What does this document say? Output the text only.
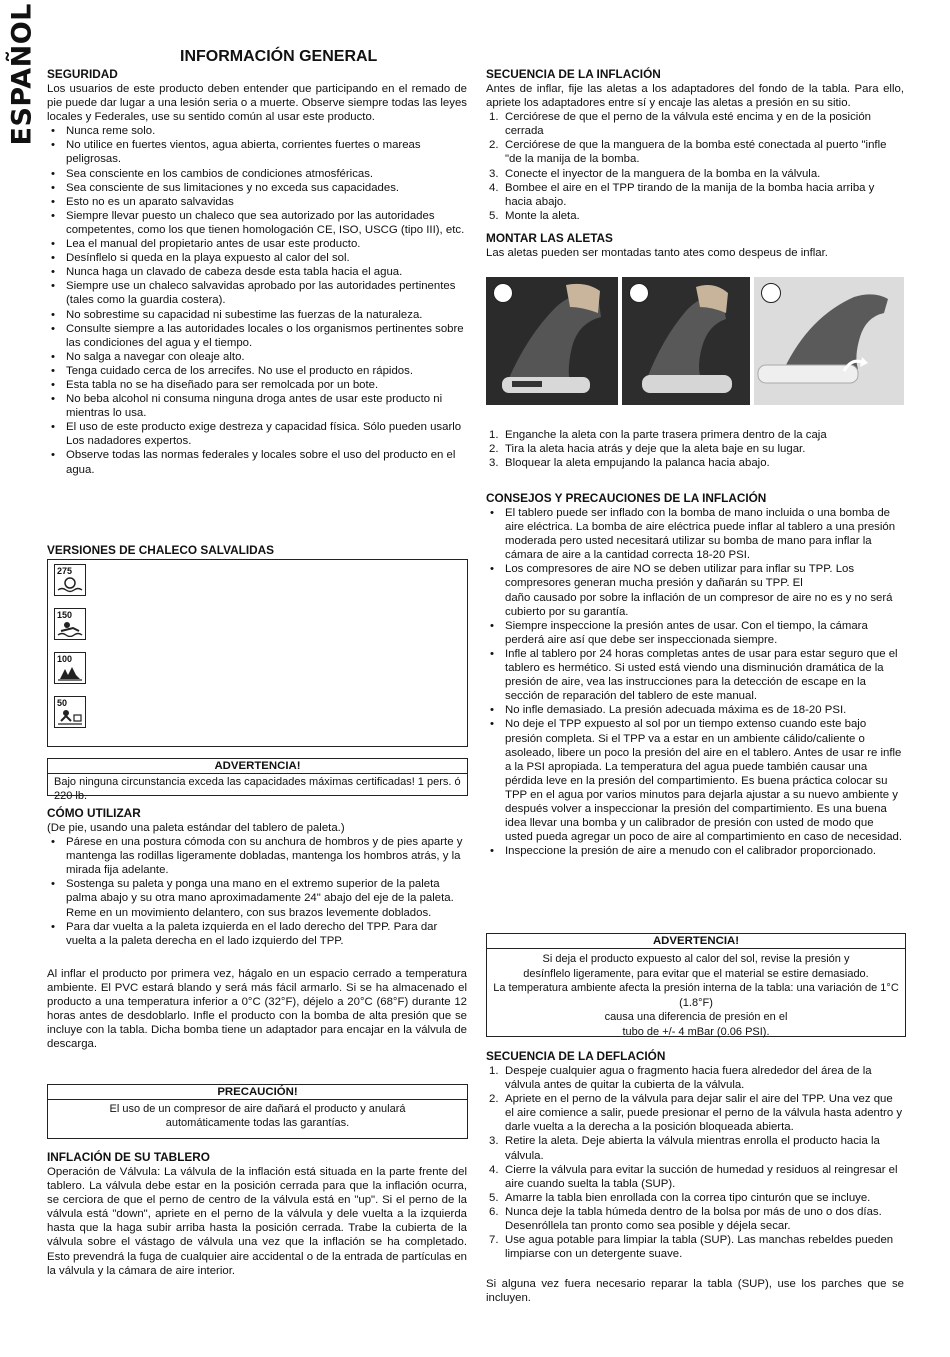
ESPAÑOL	INFORMACIÓN GENERAL
SEGURIDAD

Los usuarios de este producto deben entender que participando en el remado de pie puede dar lugar a una lesión seria o a muerte. Observe siempre todas las leyes locales y Federales, use su sentido común al usar este producto.

• Nunca reme solo.
• No utilice en fuertes vientos, agua abierta, corrientes fuertes o mareas peligrosas.
• Sea consciente en los cambios de condiciones atmosféricas.
• Sea consciente de sus limitaciones y no exceda sus capacidades.
• Esto no es un aparato salvavidas
• Siempre llevar puesto un chaleco que sea autorizado por las autoridades competentes, como los que tienen homologación CE, ISO, USCG (tipo III), etc.
• Lea el manual del propietario antes de usar este producto.
• Desínflelo si queda en la playa expuesto al calor del sol.
• Nunca haga un clavado de cabeza desde esta tabla hacia el agua.
• Siempre use un chaleco salvavidas aprobado por las autoridades pertinentes (tales como la guardia costera).
• No sobrestime su capacidad ni subestime las fuerzas de la naturaleza.
• Consulte siempre a las autoridades locales o los organismos pertinentes sobre las condiciones del agua y el tiempo.
• No salga a navegar con oleaje alto.
• Tenga cuidado cerca de los arrecifes. No use el producto en rápidos.
• Esta tabla no se ha diseñado para ser remolcada por un bote.
• No beba alcohol ni consuma ninguna droga antes de usar este producto ni mientras lo usa.
• El uso de este producto exige destreza y capacidad física. Sólo pueden usarlo Los nadadores expertos.
• Observe todas las normas federales y locales sobre el uso del producto en el agua.
VERSIONES DE CHALECO SALVALIDAS
275
150
100
50
ADVERTENCIA!
Bajo ninguna circunstancia exceda las capacidades máximas certificadas! 1 pers. ó 220 lb.
CÓMO UTILIZAR

(De pie, usando una paleta estándar del tablero de paleta.)

• Párese en una postura cómoda con su anchura de hombros y de pies aparte y mantenga las rodillas ligeramente dobladas, mantenga los hombros atrás, y la mirada fija adelante.
• Sostenga su paleta y ponga una mano en el extremo superior de la paleta palma abajo y su otra mano aproximadamente 24" abajo del eje de la paleta. Reme en un movimiento delantero, con sus brazos levemente doblados.
• Para dar vuelta a la paleta izquierda en el lado derecho del TPP. Para dar vuelta a la paleta derecha en el lado izquierdo del TPP.

Al inflar el producto por primera vez, hágalo en un espacio cerrado a temperatura ambiente. El PVC estará blando y será más fácil armarlo. Si se ha almacenado el producto a una temperatura inferior a 0°C (32°F), déjelo a 20°C (68°F) durante 12 horas antes de desdoblarlo. Infle el producto con la bomba de alta presión que se incluye con la tabla. Dicha bomba tiene un adaptador para encajar en la válvula de descarga.

PRECAUCIÓN!
El uso de un compresor de aire dañará el producto y anulará automáticamente todas las garantías.
INFLACIÓN DE SU TABLERO

Operación de Válvula: La válvula de la inflación está situada en la parte frente del tablero. La válvula debe estar en la posición cerrada para que la inflación ocurra, se cerciora de que el perno de centro de la válvula está en "up". Si el perno de la válvula está "down", apriete en el perno de la válvula y dele vuelta a la izquierda hasta que la haga subir arriba hasta la posición cerrada. Trabe la cubierta de la válvula sobre el vástago de válvula una vez que la inflación se ha completado. Esto prevendrá la fuga de cualquier aire accidental o de la entrada de partículas en la válvula y la cámara de aire interior.

SECUENCIA DE LA INFLACIÓN

Antes de inflar, fije las aletas a los adaptadores del fondo de la tabla. Para ello, apriete los adaptadores entre sí y encaje las aletas a presión en su sitio.

1. Cerciórese de que el perno de la válvula esté encima y en de la posición cerrada
2. Cerciórese de que la manguera de la bomba esté conectada al puerto "infle "de la manija de la bomba.
3. Conecte el inyector de la manguera de la bomba en la válvula.
4. Bombee el aire en el TPP tirando de la manija de la bomba hacia arriba y hacia abajo.
5. Monte la aleta.
MONTAR LAS ALETAS

Las aletas pueden ser montadas tanto ates como despeus de inflar.

1. Enganche la aleta con la parte trasera primera dentro de la caja
2. Tira la aleta hacia atrás y deje que la aleta baje en su lugar.
3. Bloquear la aleta empujando la palanca hacia abajo.
CONSEJOS Y PRECAUCIONES DE LA INFLACIÓN
• El tablero puede ser inflado con la bomba de mano incluida o una bomba de aire eléctrica. La bomba de aire eléctrica puede inflar al tablero a una presión moderada pero usted necesitará utilizar su bomba de mano para inflar la cámara de aire a la cantidad correcta 18-20 PSI.
• Los compresores de aire NO se deben utilizar para inflar su TPP. Los compresores generan mucha presión y dañarán su TPP. El
daño causado por sobre la inflación de un compresor de aire no es y no será cubierto por su garantía.
• Siempre inspeccione la presión antes de usar. Con el tiempo, la cámara perderá aire así que debe ser inspeccionada siempre.
• Infle al tablero por 24 horas completas antes de usar para estar seguro que el tablero es hermético. Si usted está viendo una disminución dramática de la presión de aire, vea las instrucciones para la detección de escape en la sección de reparación del tablero de este manual.
• No infle demasiado. La presión adecuada máxima es de 18-20 PSI.
• No deje el TPP expuesto al sol por un tiempo extenso cuando este bajo presión completa. Si el TPP va a estar en un ambiente cálido/caliente o asoleado, libere un poco la presión del aire en el tablero. Antes de usar re infle a la PSI apropiada. La temperatura del agua puede también causar una pérdida leve en la presión del compartimiento. Es buena práctica colocar su TPP en el agua por varios minutos para dejarla ajustar a su nuevo ambiente y después volver a inspeccionar la presión del compartimiento. Es una buena idea llevar una bomba y un calibrador de presión con usted de modo que usted pueda agregar un poco de aire al compartimiento en caso de necesidad.
• Inspeccione la presión de aire a menudo con el calibrador proporcionado.
ADVERTENCIA!
Si deja el producto expuesto al calor del sol, revise la presión y
desínflelo ligeramente, para evitar que el material se estire demasiado.
La temperatura ambiente afecta la presión interna de la tabla: una variación de 1°C (1.8°F)
causa una diferencia de presión en el
tubo de +/- 4 mBar (0.06 PSI).
SECUENCIA DE LA DEFLACIÓN
1. Despeje cualquier agua o fragmento hacia fuera alrededor del área de la válvula antes de quitar la cubierta de la válvula.
2. Apriete en el perno de la válvula para dejar salir el aire del TPP. Una vez que el aire comience a salir, puede presionar el perno de la válvula hasta adentro y darle vuelta a la derecha a la posición bloqueada abierta.
3. Retire la aleta. Deje abierta la válvula mientras enrolla el producto hacia la válvula.
4. Cierre la válvula para evitar la succión de humedad y residuos al reingresar el aire cuando suelta la tabla (SUP).
5. Amarre la tabla bien enrollada con la correa tipo cinturón que se incluye.
6. Nunca deje la tabla húmeda dentro de la bolsa por más de uno o dos días. Desenróllela tan pronto como sea posible y déjela secar.
7. Use agua potable para limpiar la tabla (SUP). Las manchas rebeldes pueden limpiarse con un detergente suave.

Si alguna vez fuera necesario reparar la tabla (SUP), use los parches que se incluyen.
